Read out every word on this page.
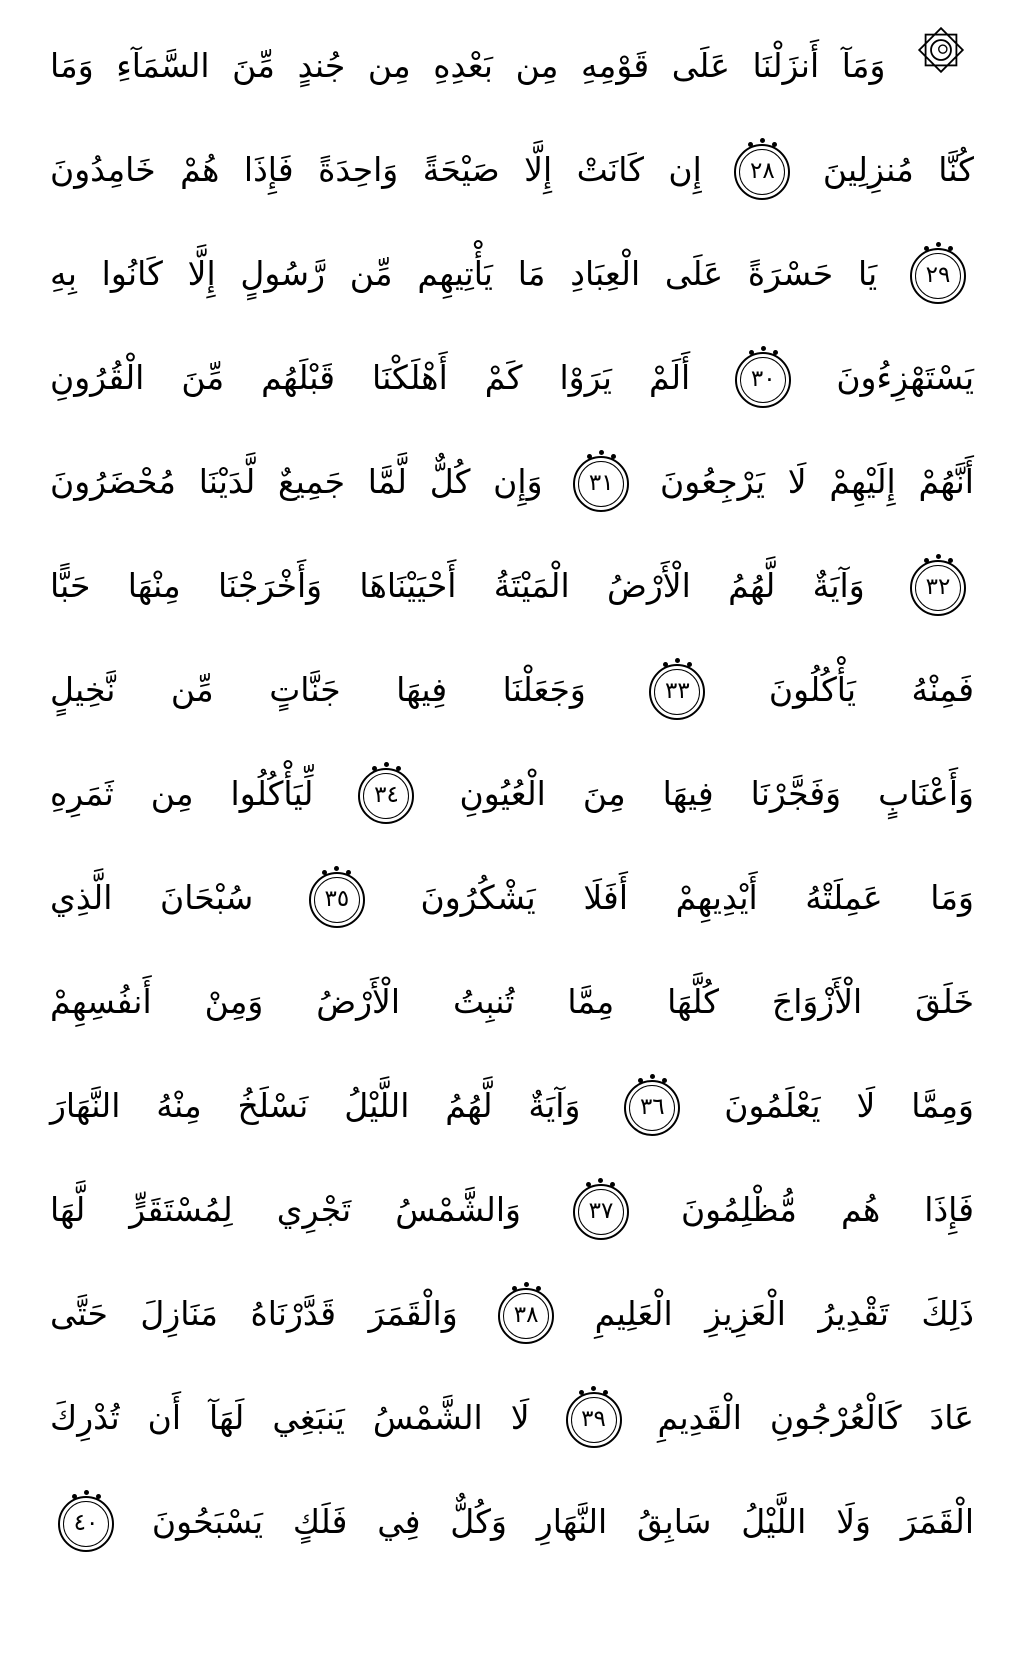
وَمَآ أَنزَلْنَا عَلَى قَوْمِهِ مِن بَعْدِهِ مِن جُندٍ مِّنَ السَّمَآءِ وَمَا
كُنَّا مُنزِلِينَ
٢٨
إِن كَانَتْ إِلَّا صَيْحَةً وَاحِدَةً فَإِذَا هُمْ خَامِدُونَ
٢٩
يَا حَسْرَةً عَلَى الْعِبَادِ مَا يَأْتِيهِم مِّن رَّسُولٍ إِلَّا كَانُوا بِهِ
يَسْتَهْزِءُونَ
٣٠
أَلَمْ يَرَوْا كَمْ أَهْلَكْنَا قَبْلَهُم مِّنَ الْقُرُونِ
أَنَّهُمْ إِلَيْهِمْ لَا يَرْجِعُونَ
٣١
وَإِن كُلٌّ لَّمَّا جَمِيعٌ لَّدَيْنَا مُحْضَرُونَ
٣٢
وَآيَةٌ لَّهُمُ الْأَرْضُ الْمَيْتَةُ أَحْيَيْنَاهَا وَأَخْرَجْنَا مِنْهَا حَبًّا
فَمِنْهُ يَأْكُلُونَ
٣٣
وَجَعَلْنَا فِيهَا جَنَّاتٍ مِّن نَّخِيلٍ
وَأَعْنَابٍ وَفَجَّرْنَا فِيهَا مِنَ الْعُيُونِ
٣٤
لِّيَأْكُلُوا مِن ثَمَرِهِ
وَمَا عَمِلَتْهُ أَيْدِيهِمْ أَفَلَا يَشْكُرُونَ
٣٥
سُبْحَانَ الَّذِي
خَلَقَ الْأَزْوَاجَ كُلَّهَا مِمَّا تُنبِتُ الْأَرْضُ وَمِنْ أَنفُسِهِمْ
وَمِمَّا لَا يَعْلَمُونَ
٣٦
وَآيَةٌ لَّهُمُ اللَّيْلُ نَسْلَخُ مِنْهُ النَّهَارَ
فَإِذَا هُم مُّظْلِمُونَ
٣٧
وَالشَّمْسُ تَجْرِي لِمُسْتَقَرٍّ لَّهَا
ذَلِكَ تَقْدِيرُ الْعَزِيزِ الْعَلِيمِ
٣٨
وَالْقَمَرَ قَدَّرْنَاهُ مَنَازِلَ حَتَّى
عَادَ كَالْعُرْجُونِ الْقَدِيمِ
٣٩
لَا الشَّمْسُ يَنبَغِي لَهَآ أَن تُدْرِكَ
الْقَمَرَ وَلَا اللَّيْلُ سَابِقُ النَّهَارِ وَكُلٌّ فِي فَلَكٍ يَسْبَحُونَ
٤٠
